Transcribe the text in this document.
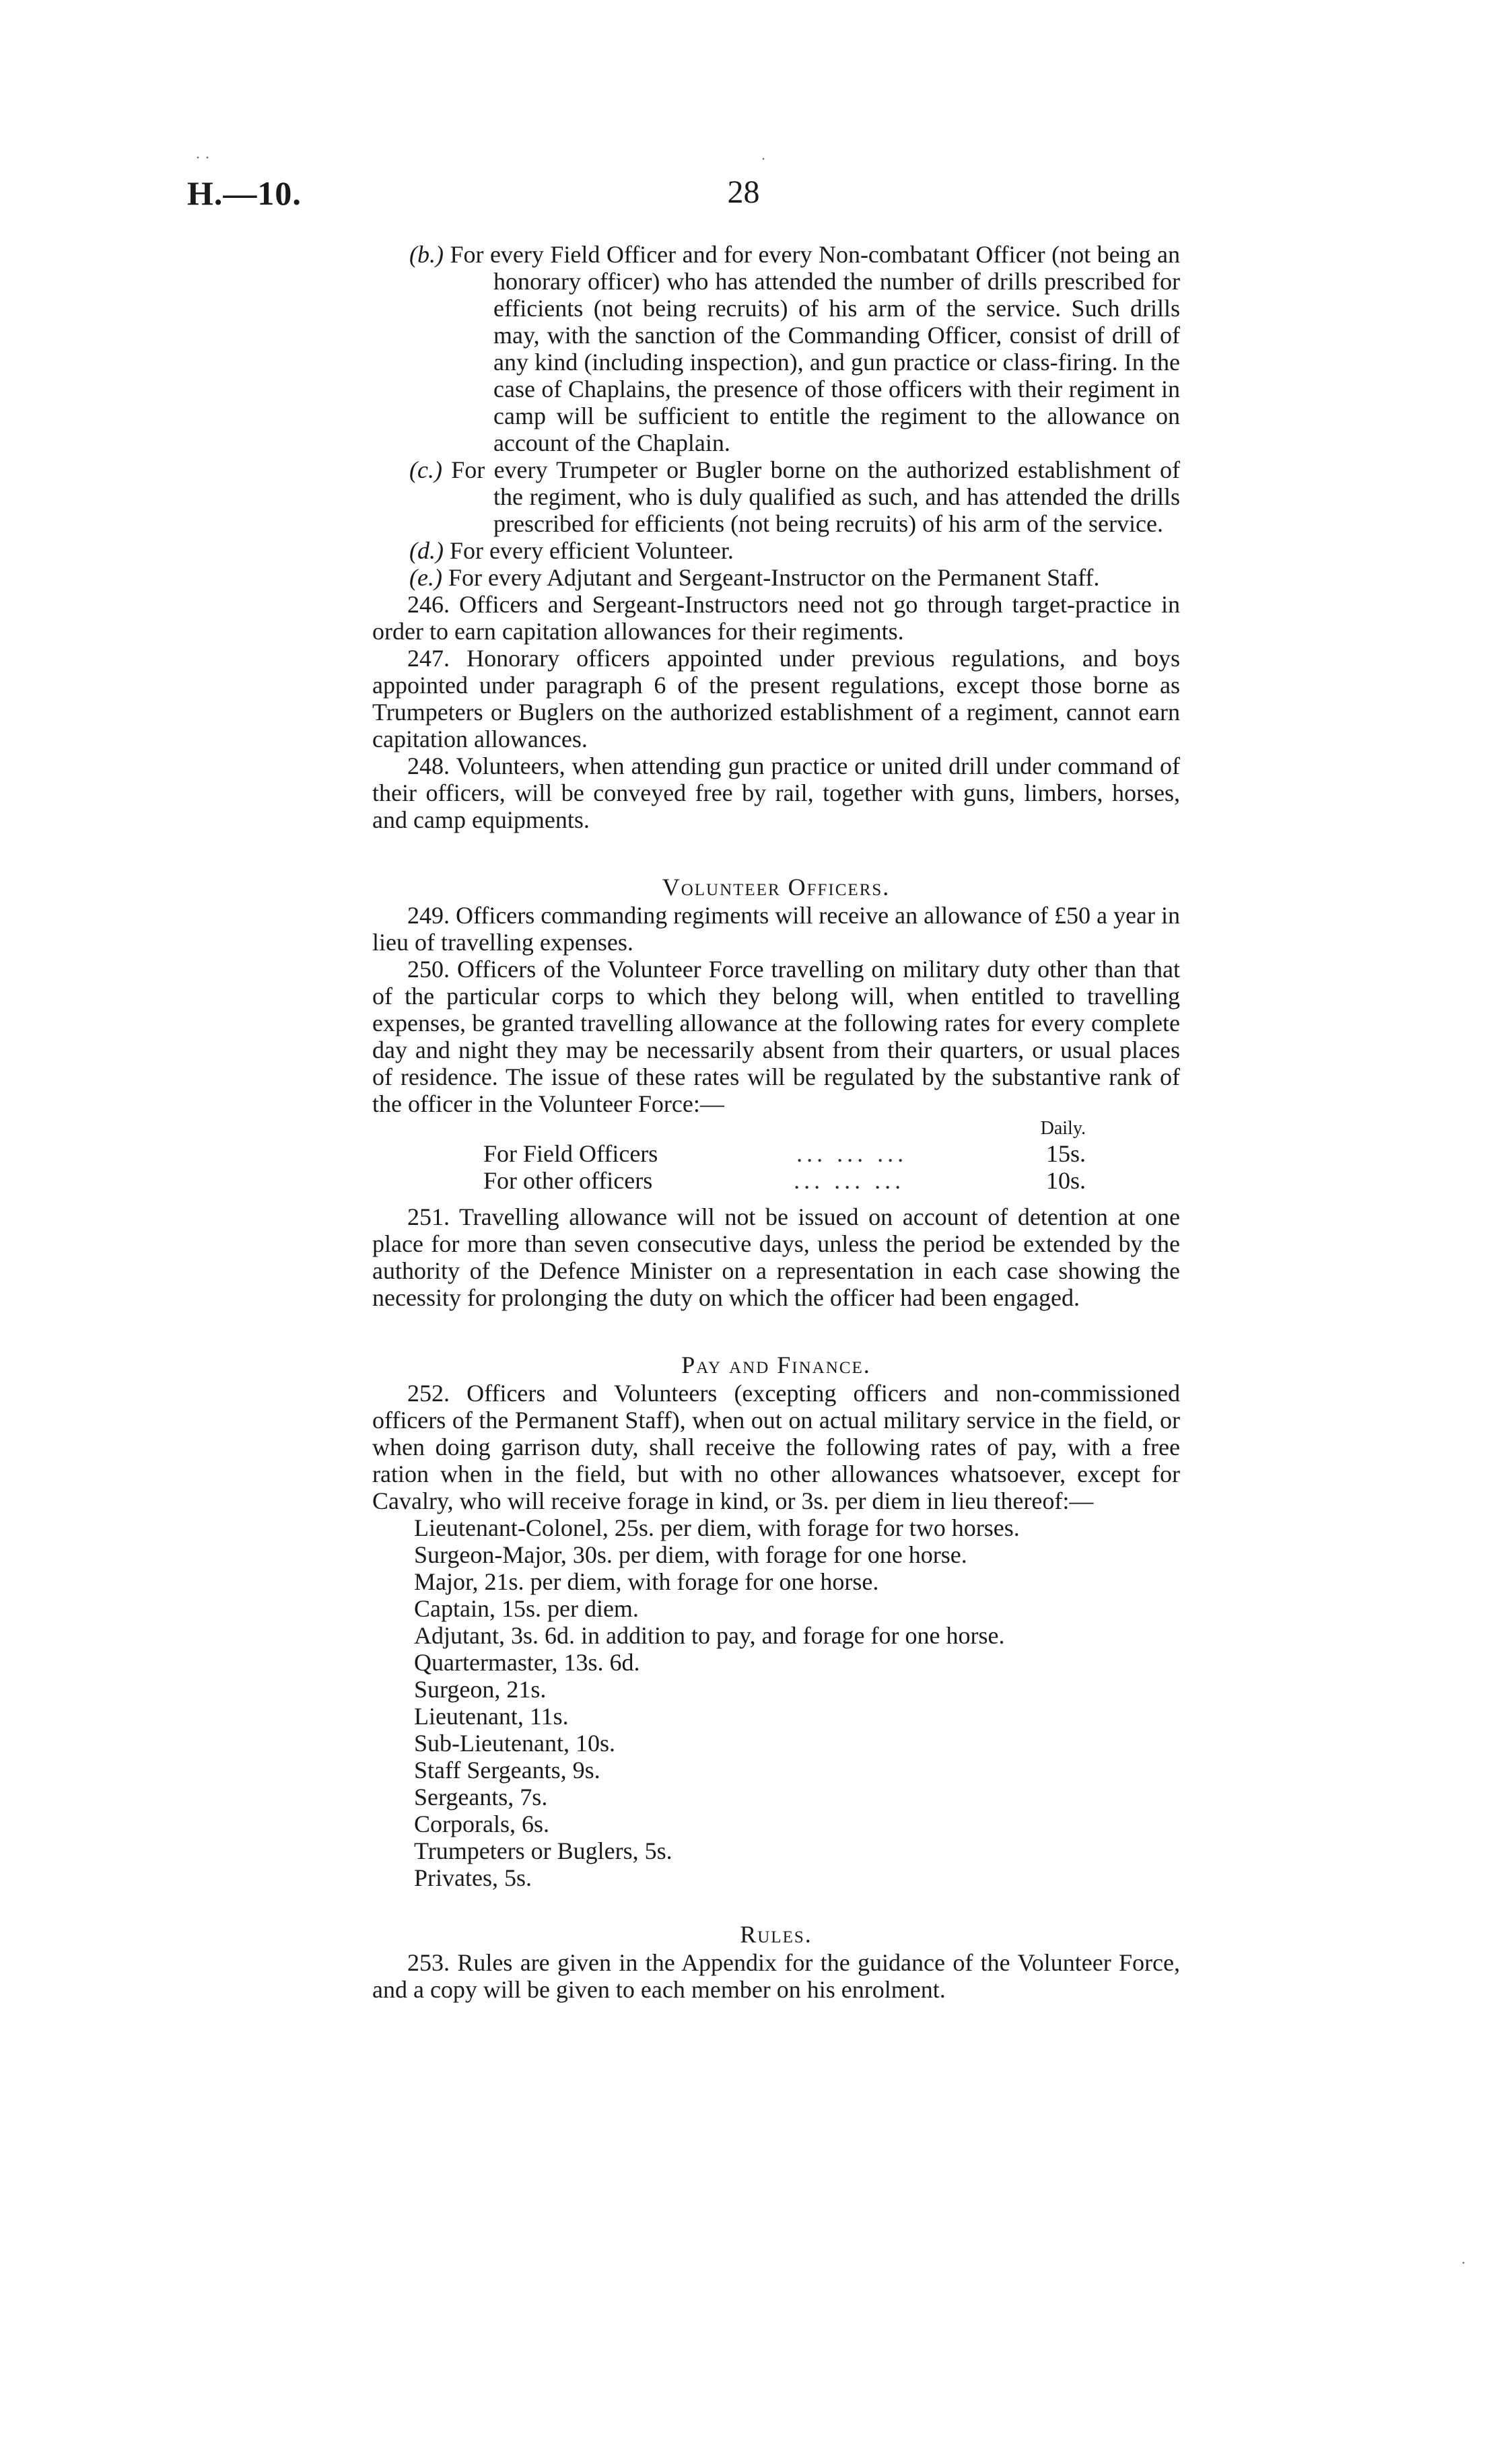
H.—10.	28
(b.) For every Field Officer and for every Non-combatant Officer (not being an honorary officer) who has attended the number of drills prescribed for efficients (not being recruits) of his arm of the service. Such drills may, with the sanction of the Commanding Officer, consist of drill of any kind (including inspection), and gun practice or class-firing. In the case of Chaplains, the presence of those officers with their regiment in camp will be sufficient to entitle the regiment to the allowance on account of the Chaplain.
(c.) For every Trumpeter or Bugler borne on the authorized establishment of the regiment, who is duly qualified as such, and has attended the drills prescribed for efficients (not being recruits) of his arm of the service.
(d.) For every efficient Volunteer.
(e.) For every Adjutant and Sergeant-Instructor on the Permanent Staff.

246. Officers and Sergeant-Instructors need not go through target-practice in order to earn capitation allowances for their regiments.

247. Honorary officers appointed under previous regulations, and boys appointed under paragraph 6 of the present regulations, except those borne as Trumpeters or Buglers on the authorized establishment of a regiment, cannot earn capitation allowances.

248. Volunteers, when attending gun practice or united drill under command of their officers, will be conveyed free by rail, together with guns, limbers, horses, and camp equipments.

Volunteer Officers.

249. Officers commanding regiments will receive an allowance of £50 a year in lieu of travelling expenses.

250. Officers of the Volunteer Force travelling on military duty other than that of the particular corps to which they belong will, when entitled to travelling expenses, be granted travelling allowance at the following rates for every complete day and night they may be necessarily absent from their quarters, or usual places of residence. The issue of these rates will be regulated by the substantive rank of the officer in the Volunteer Force:—

Daily.
For Field Officers	... ... ...	15s.
For other officers	... ... ...	10s.

251. Travelling allowance will not be issued on account of detention at one place for more than seven consecutive days, unless the period be extended by the authority of the Defence Minister on a representation in each case showing the necessity for prolonging the duty on which the officer had been engaged.

Pay and Finance.

252. Officers and Volunteers (excepting officers and non-commissioned officers of the Permanent Staff), when out on actual military service in the field, or when doing garrison duty, shall receive the following rates of pay, with a free ration when in the field, but with no other allowances whatsoever, except for Cavalry, who will receive forage in kind, or 3s. per diem in lieu thereof:—

Lieutenant-Colonel, 25s. per diem, with forage for two horses.
Surgeon-Major, 30s. per diem, with forage for one horse.
Major, 21s. per diem, with forage for one horse.
Captain, 15s. per diem.
Adjutant, 3s. 6d. in addition to pay, and forage for one horse.
Quartermaster, 13s. 6d.
Surgeon, 21s.
Lieutenant, 11s.
Sub-Lieutenant, 10s.
Staff Sergeants, 9s.
Sergeants, 7s.
Corporals, 6s.
Trumpeters or Buglers, 5s.
Privates, 5s.
Rules.

253. Rules are given in the Appendix for the guidance of the Volunteer Force, and a copy will be given to each member on his enrolment.

· ·	·
·
